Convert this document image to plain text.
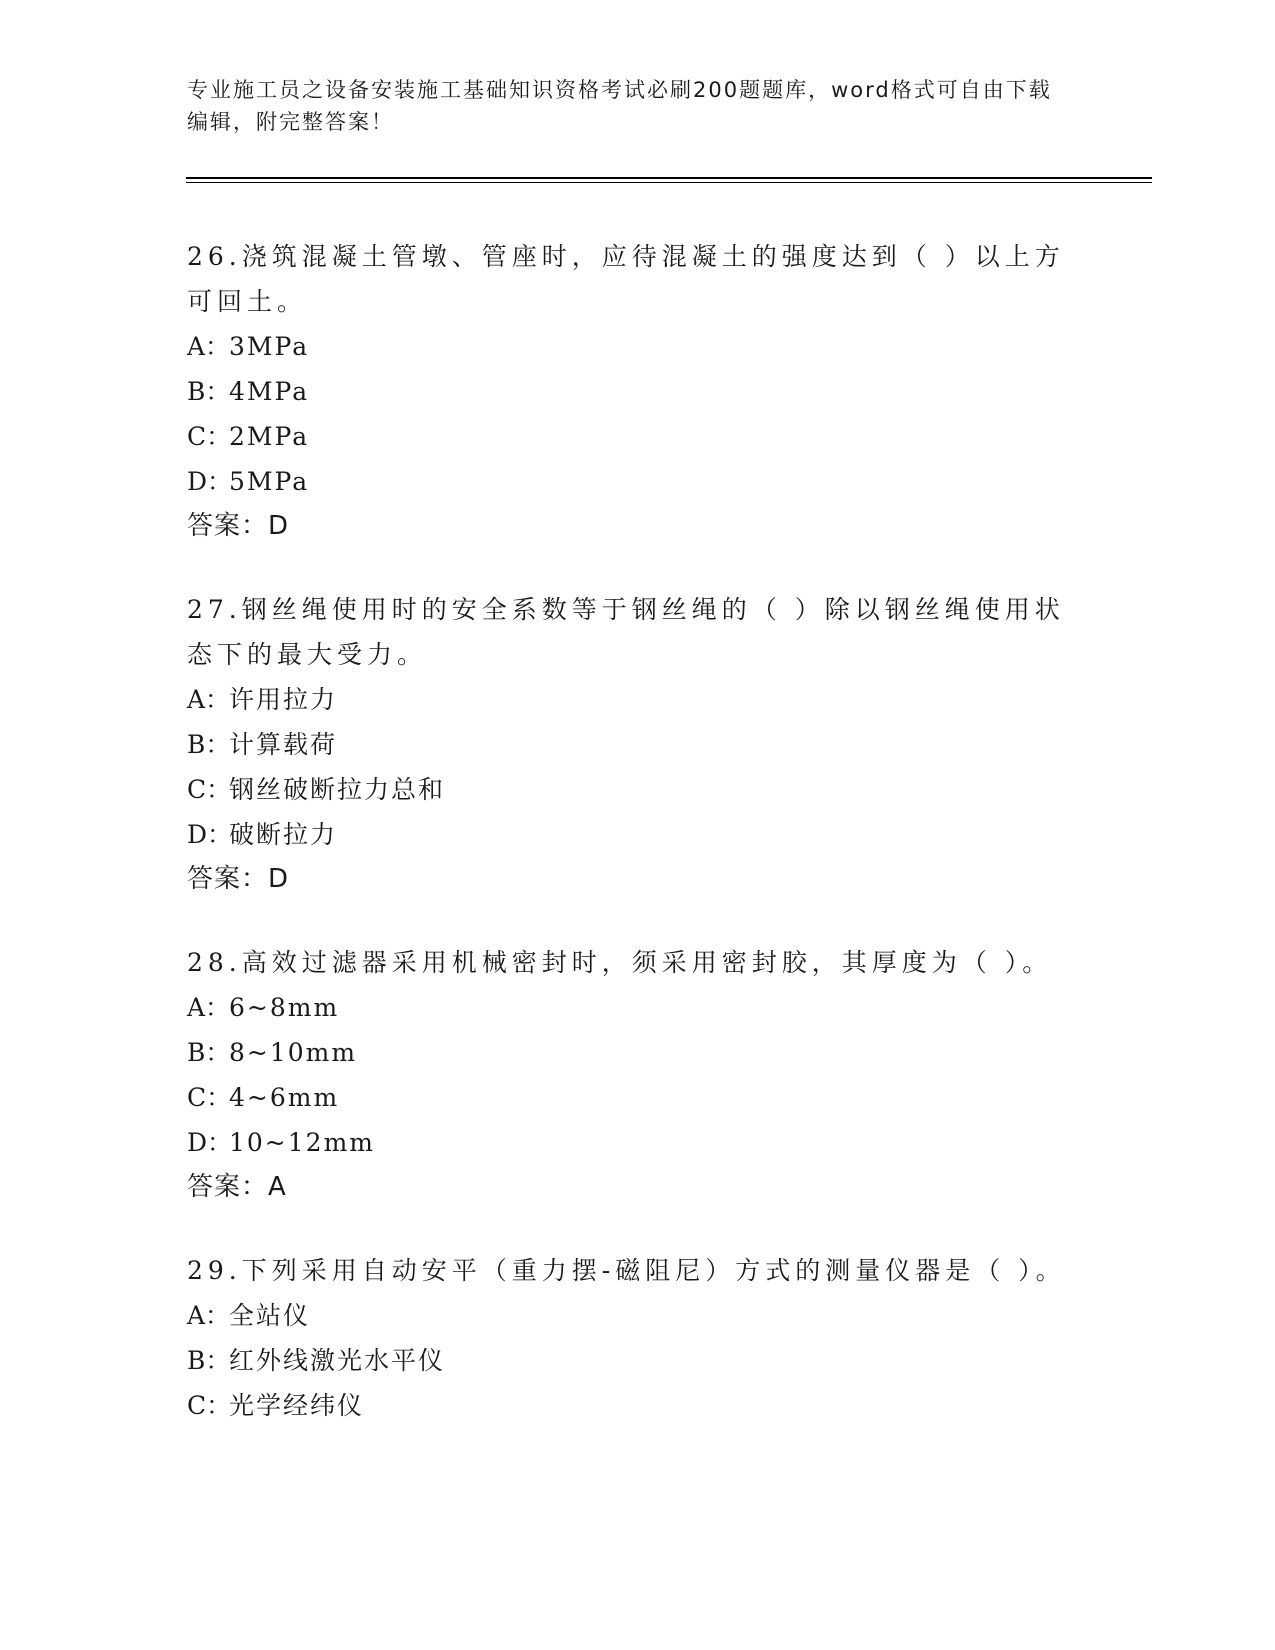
专业施工员之设备安装施工基础知识资格考试必刷200题题库，word格式可自由下载编辑，附完整答案！
26.浇筑混凝土管墩、管座时，应待混凝土的强度达到（ ）以上方可回土。
A：3MPa
B：4MPa
C：2MPa
D：5MPa
答案：D
27.钢丝绳使用时的安全系数等于钢丝绳的（ ）除以钢丝绳使用状态下的最大受力。
A：许用拉力
B：计算载荷
C：钢丝破断拉力总和
D：破断拉力
答案：D
28.高效过滤器采用机械密封时，须采用密封胶，其厚度为（ ）。
A：6~8mm
B：8~10mm
C：4~6mm
D：10~12mm
答案：A
29.下列采用自动安平（重力摆-磁阻尼）方式的测量仪器是（ ）。
A：全站仪
B：红外线激光水平仪
C：光学经纬仪
